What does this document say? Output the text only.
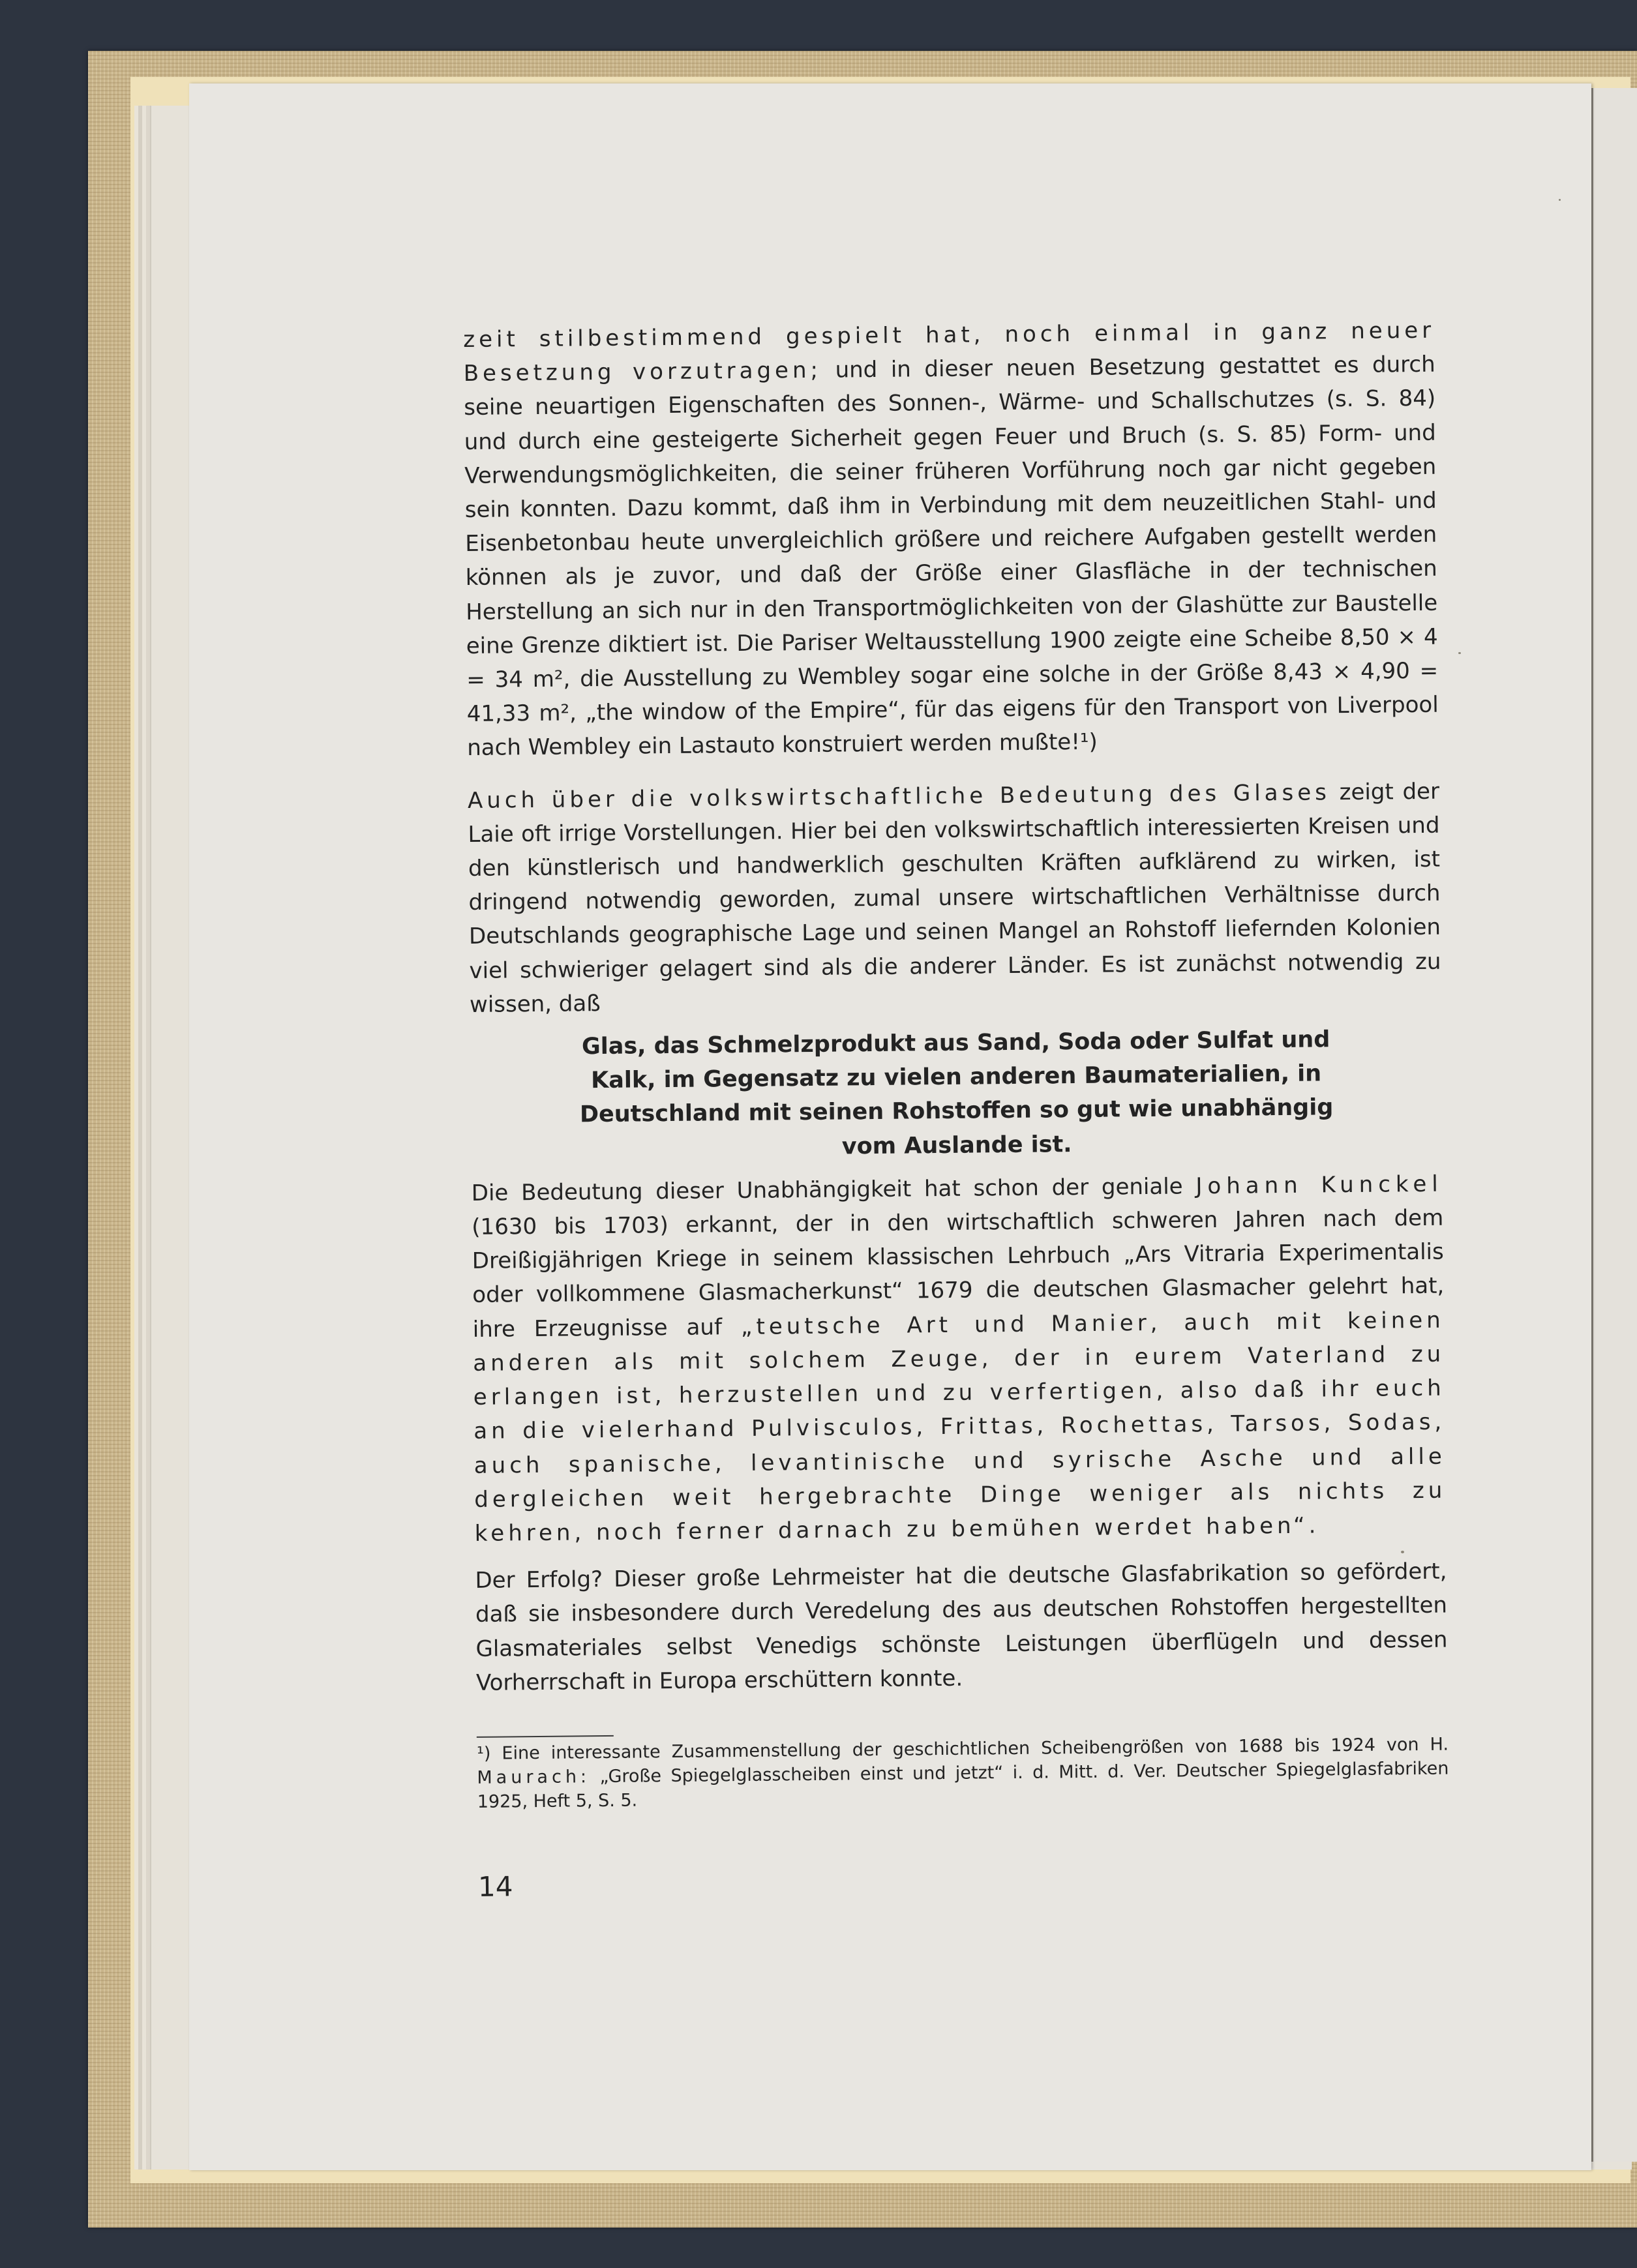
zeit stilbestimmend gespielt hat, noch einmal in ganz neuer Besetzung vorzutragen; und in dieser neuen Besetzung gestattet es durch seine neuartigen Eigenschaften des Sonnen-, Wärme- und Schallschutzes (s. S. 84) und durch eine gesteigerte Sicherheit gegen Feuer und Bruch (s. S. 85) Form- und Verwendungsmöglichkeiten, die seiner früheren Vorführung noch gar nicht gegeben sein konnten. Dazu kommt, daß ihm in Verbindung mit dem neuzeitlichen Stahl- und Eisenbetonbau heute unvergleichlich größere und reichere Aufgaben gestellt werden können als je zuvor, und daß der Größe einer Glasfläche in der technischen Herstellung an sich nur in den Transportmöglichkeiten von der Glashütte zur Baustelle eine Grenze diktiert ist. Die Pariser Weltausstellung 1900 zeigte eine Scheibe 8,50 × 4 = 34 m², die Ausstellung zu Wembley sogar eine solche in der Größe 8,43 × 4,90 = 41,33 m², „the window of the Empire“, für das eigens für den Transport von Liverpool nach Wembley ein Lastauto konstruiert werden mußte!¹)

Auch über die volkswirtschaftliche Bedeutung des Glases zeigt der Laie oft irrige Vorstellungen. Hier bei den volkswirtschaftlich interessierten Kreisen und den künstlerisch und handwerklich geschulten Kräften aufklärend zu wirken, ist dringend notwendig geworden, zumal unsere wirtschaftlichen Verhältnisse durch Deutschlands geographische Lage und seinen Mangel an Rohstoff liefernden Kolonien viel schwieriger gelagert sind als die anderer Länder. Es ist zunächst notwendig zu wissen, daß

Glas, das Schmelzprodukt aus Sand, Soda oder Sulfat und Kalk, im Gegensatz zu vielen anderen Baumaterialien, in Deutschland mit seinen Rohstoffen so gut wie unabhängig vom Auslande ist.

Die Bedeutung dieser Unabhängigkeit hat schon der geniale Johann Kunckel (1630 bis 1703) erkannt, der in den wirtschaftlich schweren Jahren nach dem Dreißigjährigen Kriege in seinem klassischen Lehrbuch „Ars Vitraria Experimentalis oder vollkommene Glasmacherkunst“ 1679 die deutschen Glasmacher gelehrt hat, ihre Erzeugnisse auf „teutsche Art und Manier, auch mit keinen anderen als mit solchem Zeuge, der in eurem Vaterland zu erlangen ist, herzustellen und zu verfertigen, also daß ihr euch an die vielerhand Pulvisculos, Frittas, Rochettas, Tarsos, Sodas, auch spanische, levantinische und syrische Asche und alle dergleichen weit hergebrachte Dinge weniger als nichts zu kehren, noch ferner darnach zu bemühen werdet haben“.

Der Erfolg? Dieser große Lehrmeister hat die deutsche Glasfabrikation so gefördert, daß sie insbesondere durch Veredelung des aus deutschen Rohstoffen hergestellten Glasmateriales selbst Venedigs schönste Leistungen überflügeln und dessen Vorherrschaft in Europa erschüttern konnte.

¹) Eine interessante Zusammenstellung der geschichtlichen Scheibengrößen von 1688 bis 1924 von H. Maurach: „Große Spiegelglasscheiben einst und jetzt“ i. d. Mitt. d. Ver. Deutscher Spiegelglasfabriken 1925, Heft 5, S. 5.

14
